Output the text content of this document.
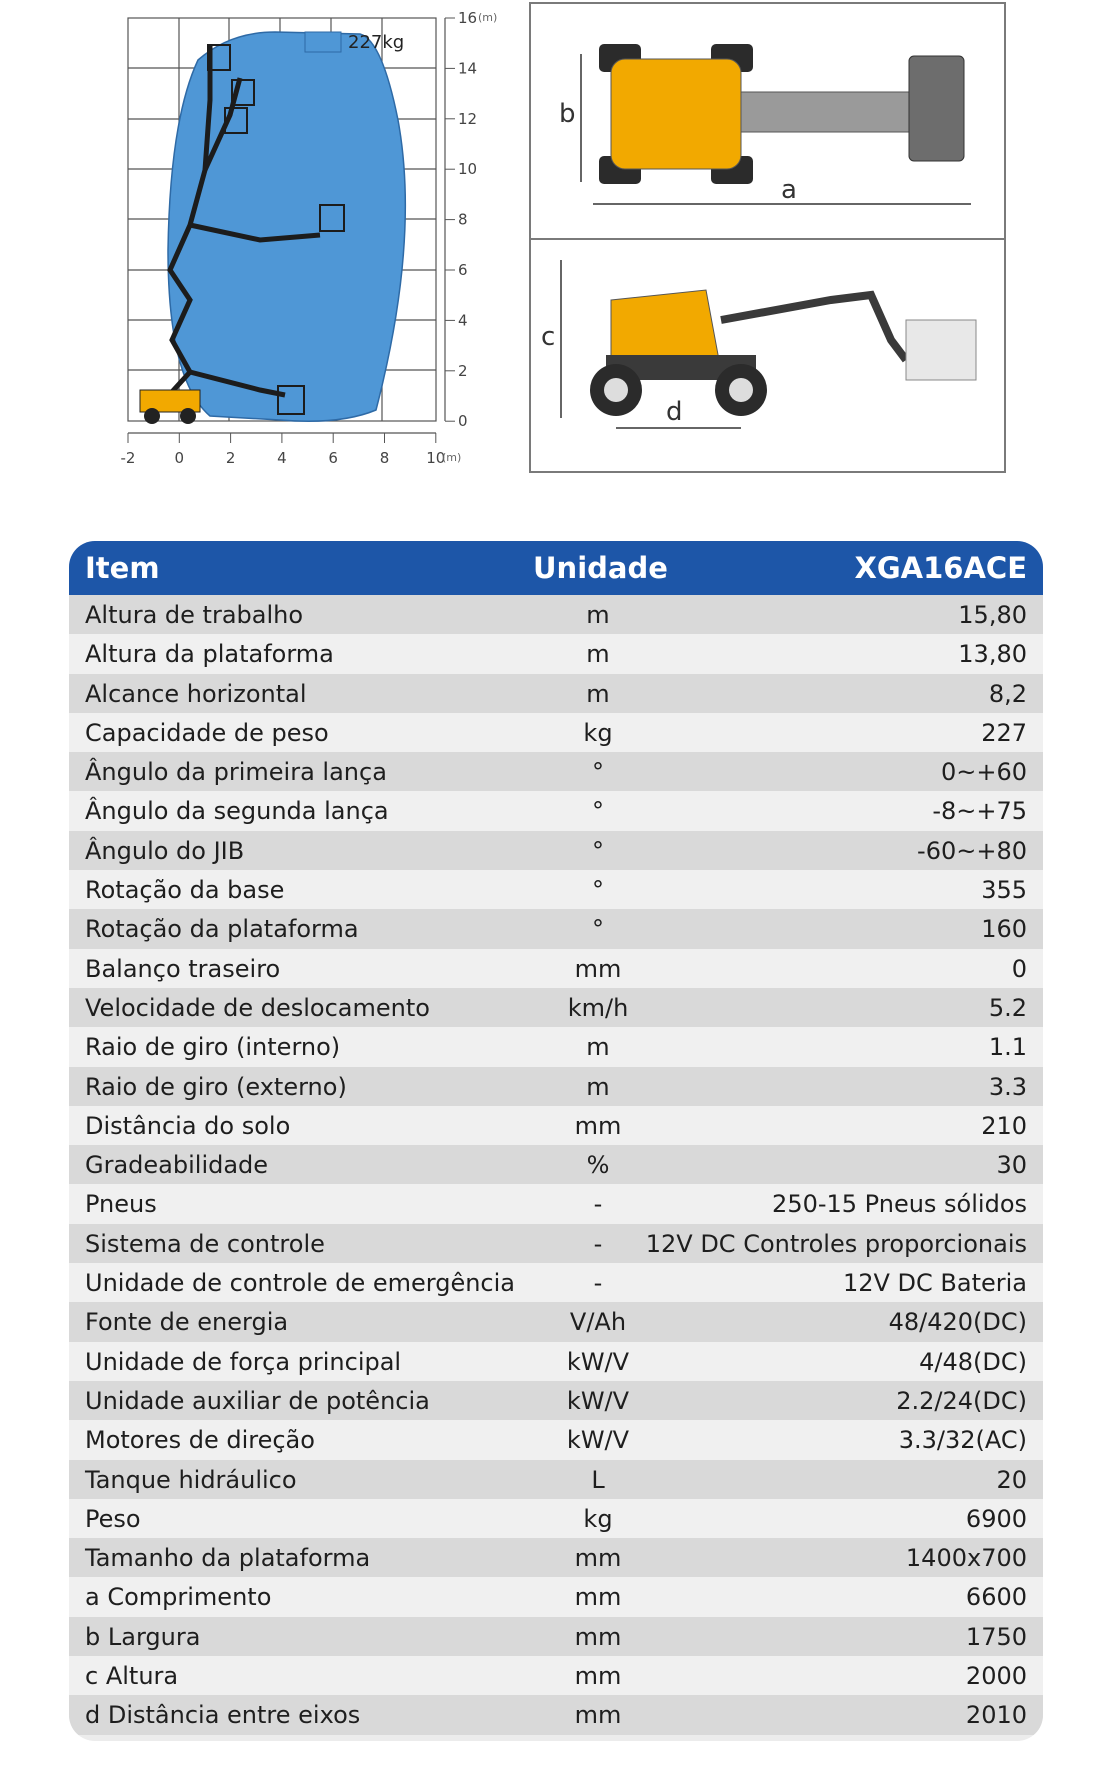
227kg
16
14
12
10
8
6
4
2
0
-2	0	2	4	6	8 10
(m)
(m)
b
a
c
d
Item	Unidade	XGA16ACE
Altura de trabalho	m	15,80
Altura da plataforma	m	13,80
Alcance horizontal	m	8,2
Capacidade de peso	kg	227
Ângulo da primeira lança	°	0~+60
Ângulo da segunda lança	°	-8~+75
Ângulo do JIB	°	-60~+80
Rotação da base	°	355
Rotação da plataforma	°	160
Balanço traseiro	mm	0
Velocidade de deslocamento	km/h	5.2
Raio de giro (interno)	m	1.1
Raio de giro (externo)	m	3.3
Distância do solo	mm	210
Gradeabilidade	%	30
Pneus	-	250-15 Pneus sólidos
Sistema de controle	-	12V DC Controles proporcionais
Unidade de controle de emergência	-	12V DC Bateria
Fonte de energia	V/Ah	48/420(DC)
Unidade de força principal	kW/V	4/48(DC)
Unidade auxiliar de potência	kW/V	2.2/24(DC)
Motores de direção	kW/V	3.3/32(AC)
Tanque hidráulico	L	20
Peso	kg	6900
Tamanho da plataforma	mm	1400x700
a Comprimento	mm	6600
b Largura	mm	1750
c Altura	mm	2000
d Distância entre eixos	mm	2010
